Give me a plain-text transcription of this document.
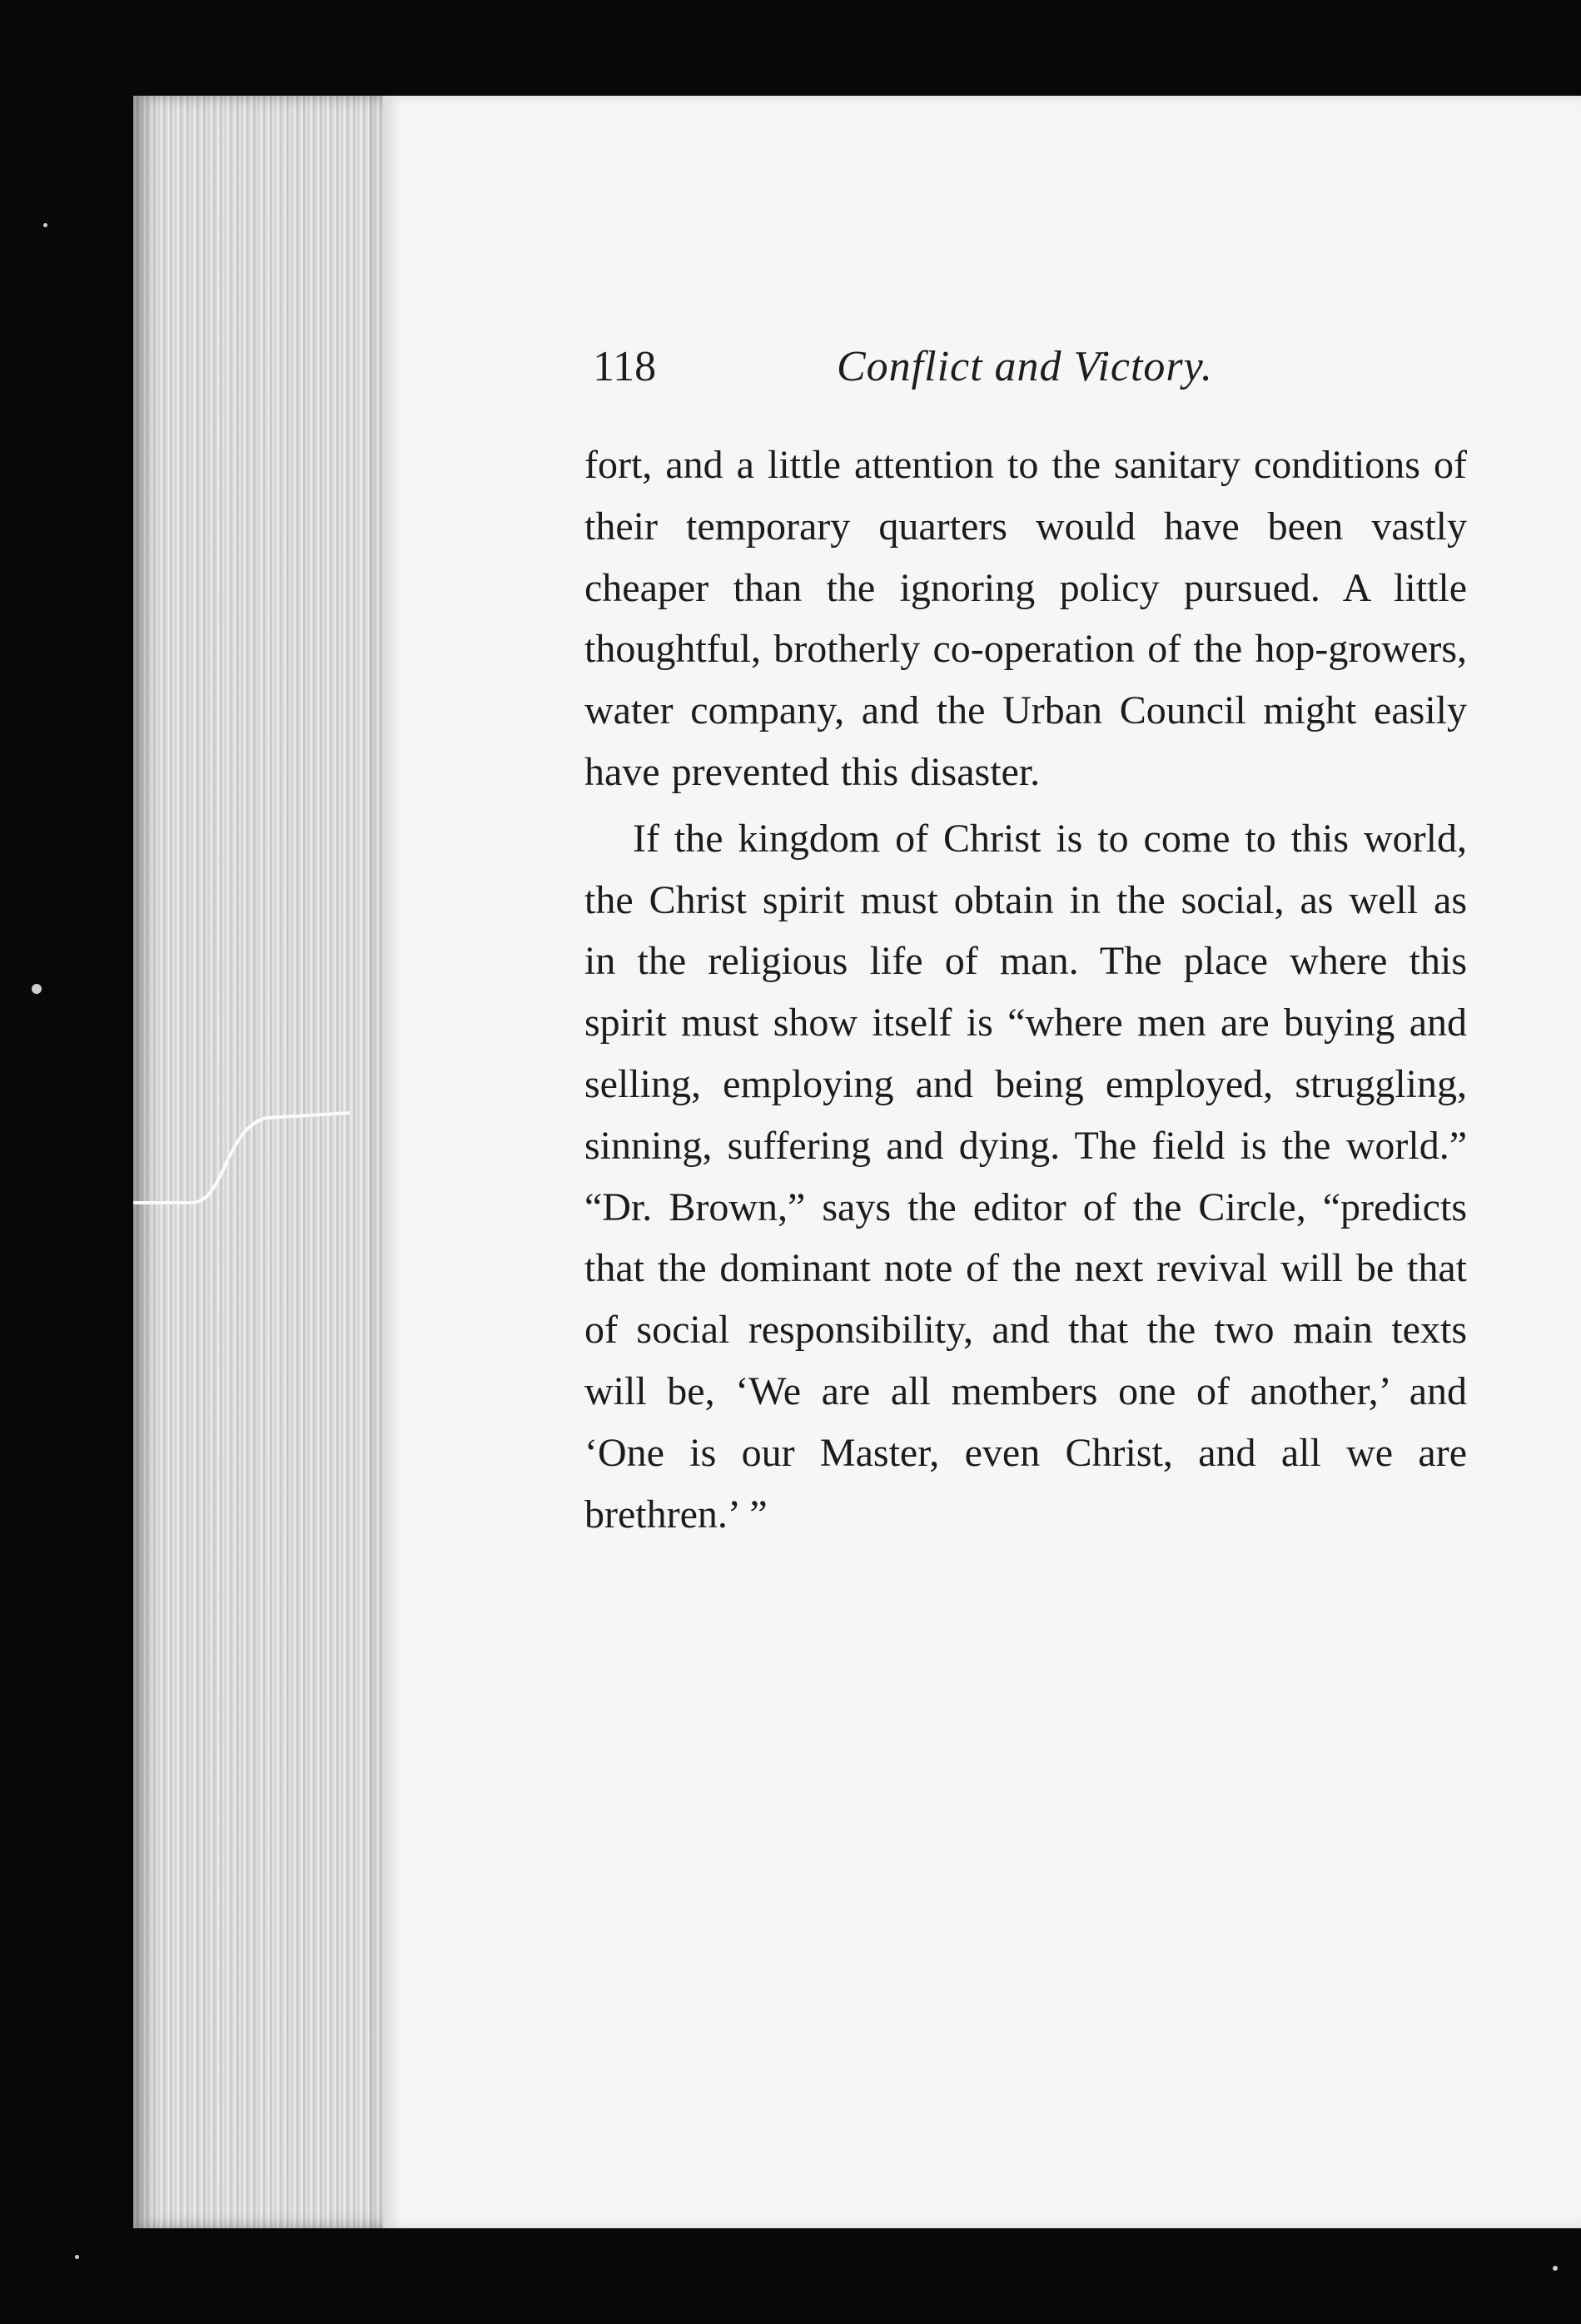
118	Conflict and Victory.

fort, and a little attention to the sanitary conditions of their temporary quarters would have been vastly cheaper than the ignoring policy pursued. A little thoughtful, brotherly co-operation of the hop-growers, water company, and the Urban Council might easily have prevented this disaster.

If the kingdom of Christ is to come to this world, the Christ spirit must obtain in the social, as well as in the religious life of man. The place where this spirit must show itself is “where men are buying and selling, employing and being employed, struggling, sinning, suffering and dying. The field is the world.” “Dr. Brown,” says the editor of the Circle, “predicts that the dominant note of the next revival will be that of social responsibility, and that the two main texts will be, ‘We are all members one of another,’ and ‘One is our Master, even Christ, and all we are brethren.’ ”
